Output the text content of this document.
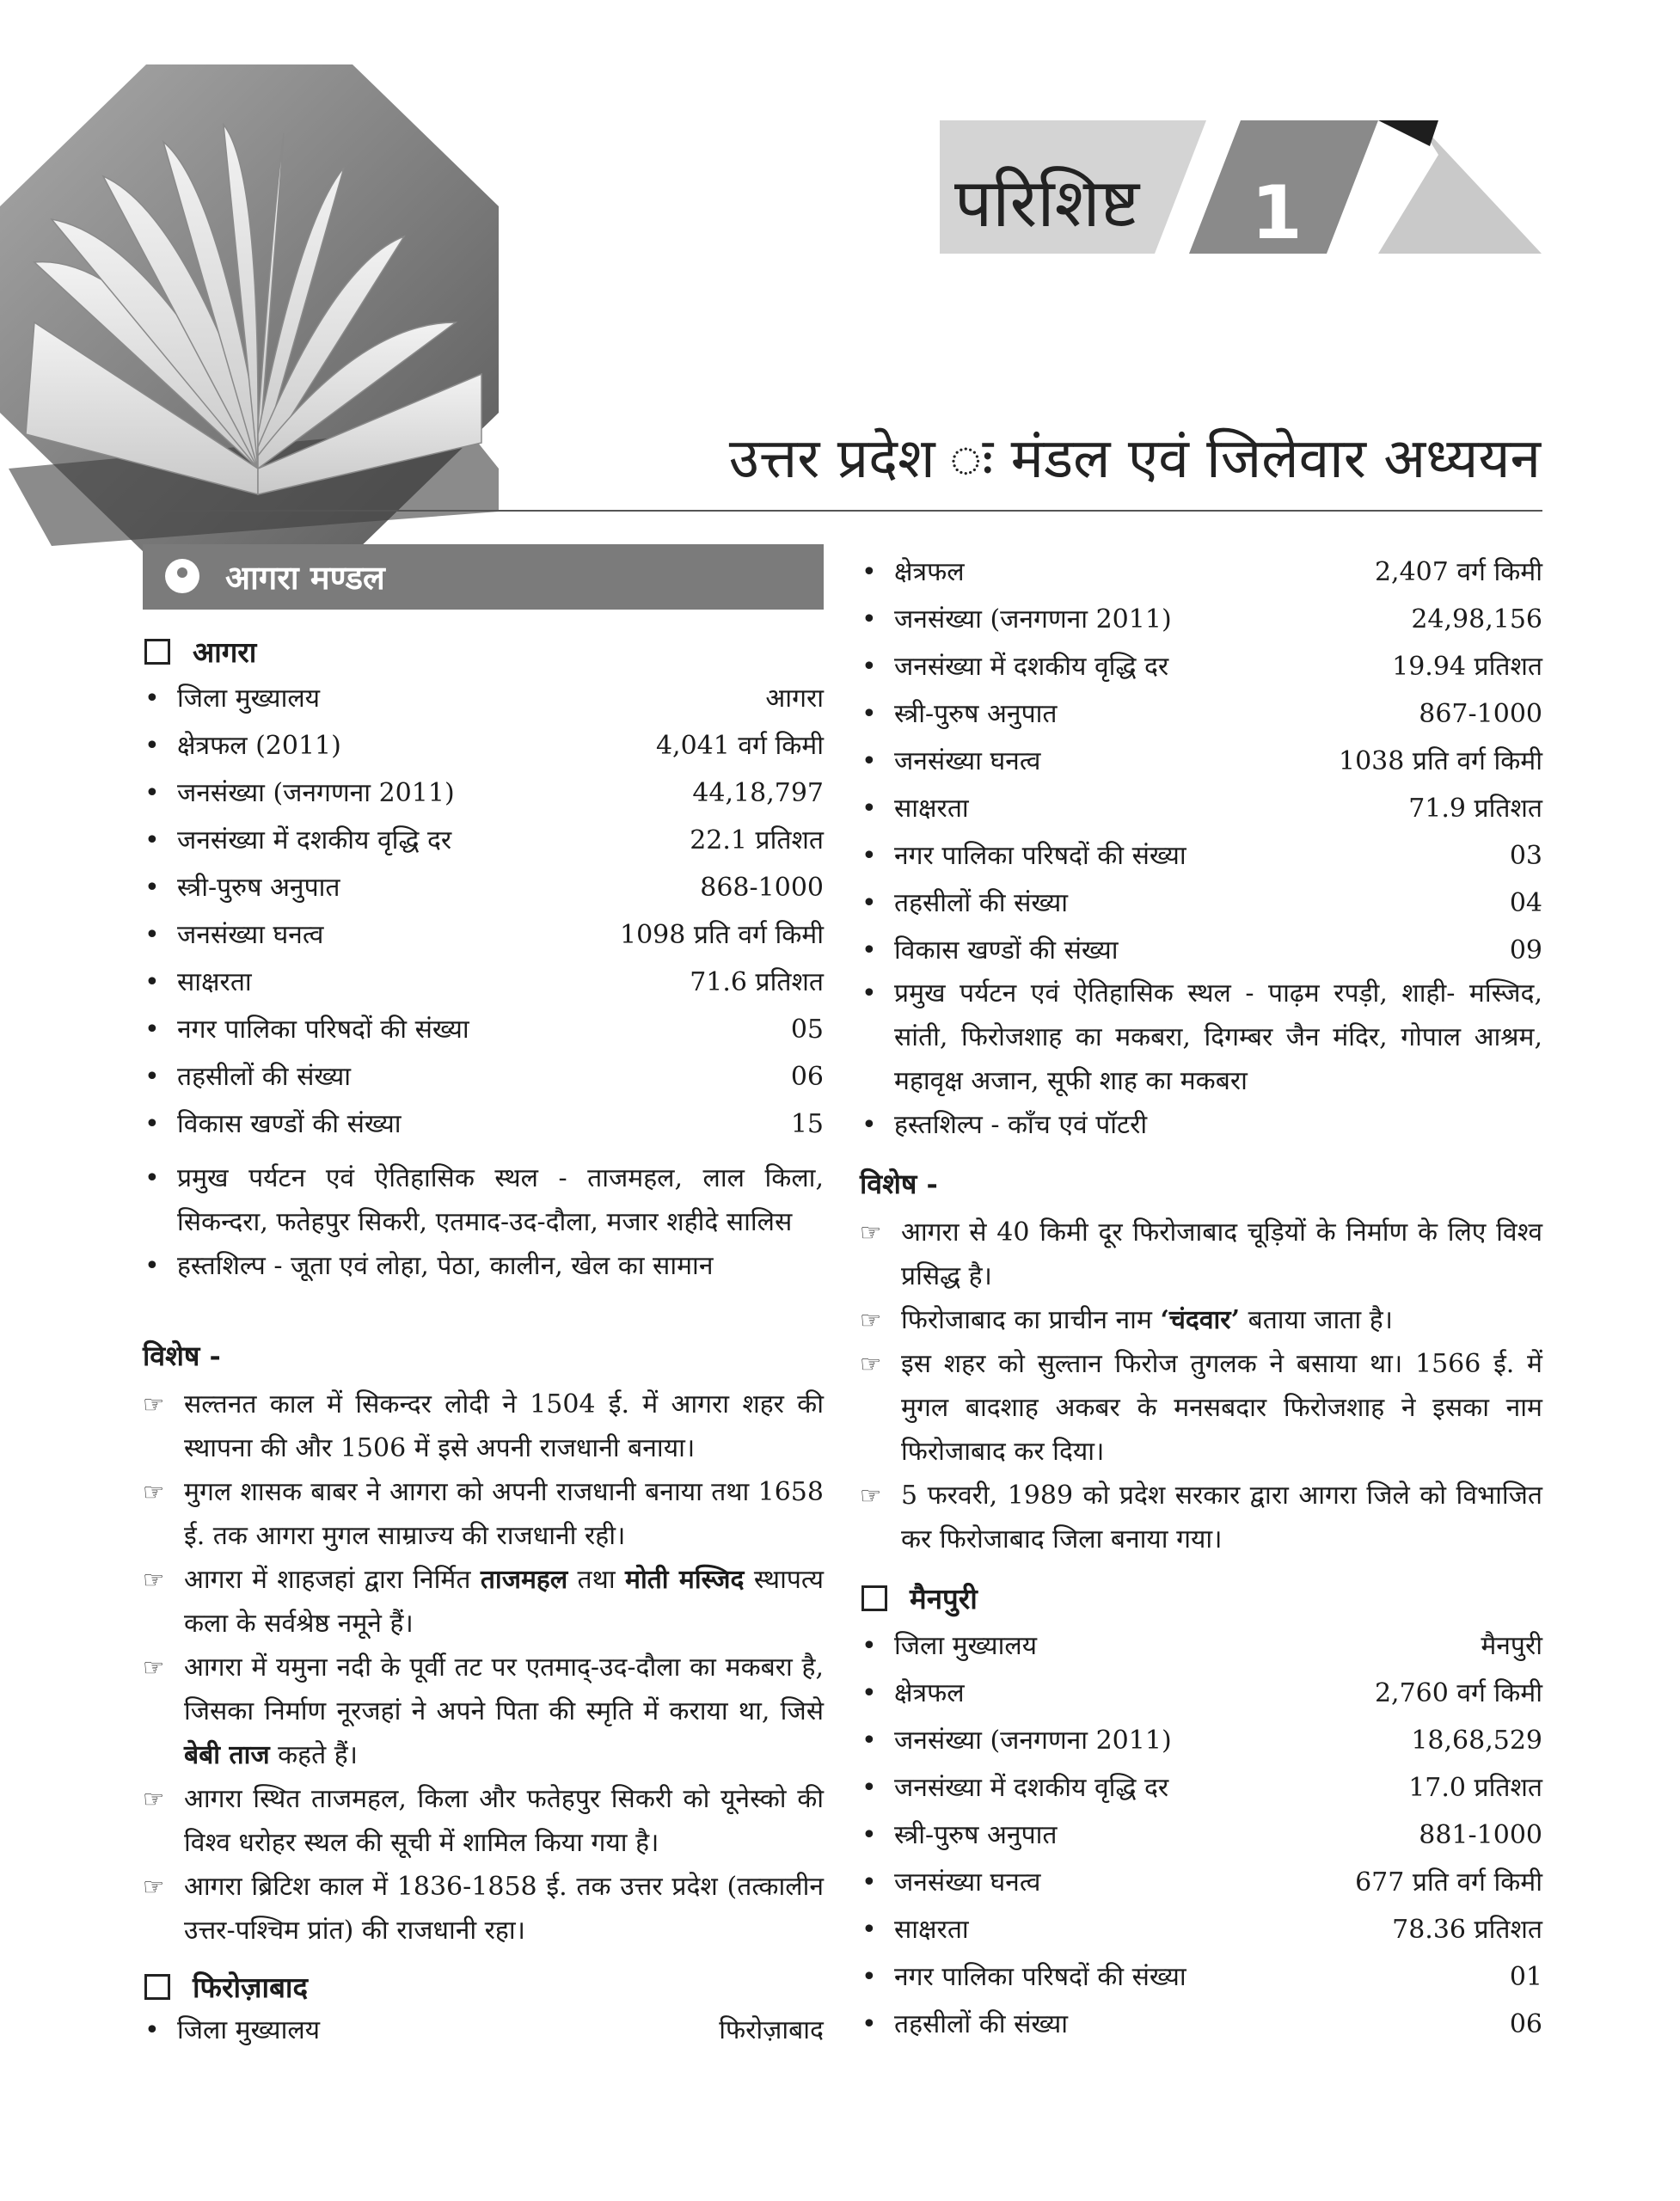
परिशिष्ट 1
उत्तर प्रदेश ः मंडल एवं जिलेवार अध्ययन
आगरा मण्डल
आगरा
• जिला मुख्यालय	आगरा
• क्षेत्रफल (2011)	4,041 वर्ग किमी
• जनसंख्या (जनगणना 2011)	44,18,797
• जनसंख्या में दशकीय वृद्धि दर	22.1 प्रतिशत
• स्त्री-पुरुष अनुपात	868-1000
• जनसंख्या घनत्व	1098 प्रति वर्ग किमी
• साक्षरता	71.6 प्रतिशत
• नगर पालिका परिषदों की संख्या	05
• तहसीलों की संख्या	06
• विकास खण्डों की संख्या	15
• प्रमुख पर्यटन एवं ऐतिहासिक स्थल - ताजमहल, लाल किला, सिकन्दरा, फतेहपुर सिकरी, एतमाद-उद-दौला, मजार शहीदे सालिस
• हस्तशिल्प - जूता एवं लोहा, पेठा, कालीन, खेल का सामान
विशेष -
☞ सल्तनत काल में सिकन्दर लोदी ने 1504 ई. में आगरा शहर की स्थापना की और 1506 में इसे अपनी राजधानी बनाया।
☞ मुगल शासक बाबर ने आगरा को अपनी राजधानी बनाया तथा 1658 ई. तक आगरा मुगल साम्राज्य की राजधानी रही।
☞ आगरा में शाहजहां द्वारा निर्मित ताजमहल तथा मोती मस्जिद स्थापत्य कला के सर्वश्रेष्ठ नमूने हैं।
☞ आगरा में यमुना नदी के पूर्वी तट पर एतमाद्-उद-दौला का मकबरा है, जिसका निर्माण नूरजहां ने अपने पिता की स्मृति में कराया था, जिसे बेबी ताज कहते हैं।
☞ आगरा स्थित ताजमहल, किला और फतेहपुर सिकरी को यूनेस्को की विश्व धरोहर स्थल की सूची में शामिल किया गया है।
☞ आगरा ब्रिटिश काल में 1836-1858 ई. तक उत्तर प्रदेश (तत्कालीन उत्तर-पश्चिम प्रांत) की राजधानी रहा।
फिरोज़ाबाद
• जिला मुख्यालय	फिरोज़ाबाद
• क्षेत्रफल	2,407 वर्ग किमी
• जनसंख्या (जनगणना 2011)	24,98,156
• जनसंख्या में दशकीय वृद्धि दर	19.94 प्रतिशत
• स्त्री-पुरुष अनुपात	867-1000
• जनसंख्या घनत्व	1038 प्रति वर्ग किमी
• साक्षरता	71.9 प्रतिशत
• नगर पालिका परिषदों की संख्या	03
• तहसीलों की संख्या	04
• विकास खण्डों की संख्या	09
• प्रमुख पर्यटन एवं ऐतिहासिक स्थल - पाढ़म रपड़ी, शाही- मस्जिद, सांती, फिरोजशाह का मकबरा, दिगम्बर जैन मंदिर, गोपाल आश्रम, महावृक्ष अजान, सूफी शाह का मकबरा
• हस्तशिल्प - काँच एवं पॉटरी
विशेष -
☞ आगरा से 40 किमी दूर फिरोजाबाद चूड़ियों के निर्माण के लिए विश्व प्रसिद्ध है।
☞ फिरोजाबाद का प्राचीन नाम ‘चंदवार’ बताया जाता है।
☞ इस शहर को सुल्तान फिरोज तुगलक ने बसाया था। 1566 ई. में मुगल बादशाह अकबर के मनसबदार फिरोजशाह ने इसका नाम फिरोजाबाद कर दिया।
☞ 5 फरवरी, 1989 को प्रदेश सरकार द्वारा आगरा जिले को विभाजित कर फिरोजाबाद जिला बनाया गया।
मैनपुरी
• जिला मुख्यालय	मैनपुरी
• क्षेत्रफल	2,760 वर्ग किमी
• जनसंख्या (जनगणना 2011)	18,68,529
• जनसंख्या में दशकीय वृद्धि दर	17.0 प्रतिशत
• स्त्री-पुरुष अनुपात	881-1000
• जनसंख्या घनत्व	677 प्रति वर्ग किमी
• साक्षरता	78.36 प्रतिशत
• नगर पालिका परिषदों की संख्या	01
• तहसीलों की संख्या	06
